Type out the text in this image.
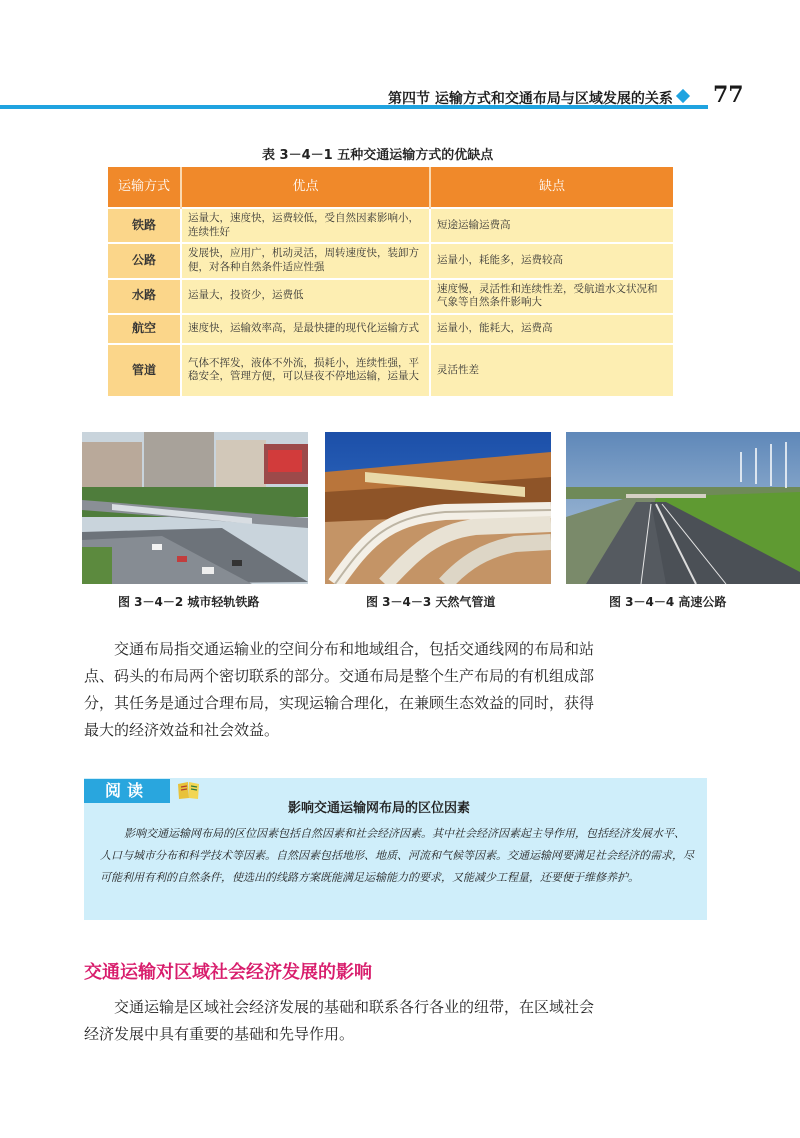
第四节 运输方式和交通布局与区域发展的关系 77
表 3－4－1 五种交通运输方式的优缺点
运输方式	优点	缺点
铁路	运量大，速度快，运费较低，受自然因素影响小，连续性好	短途运输运费高
公路	发展快，应用广，机动灵活，周转速度快，装卸方便，对各种自然条件适应性强	运量小，耗能多，运费较高
水路	运量大，投资少，运费低	速度慢，灵活性和连续性差，受航道水文状况和气象等自然条件影响大
航空	速度快，运输效率高，是最快捷的现代化运输方式	运量小，能耗大，运费高
管道	气体不挥发，液体不外流，损耗小，连续性强，平稳安全，管理方便，可以昼夜不停地运输，运量大	灵活性差
图 3－4－2 城市轻轨铁路	图 3－4－3 天然气管道	图 3－4－4 高速公路

交通布局指交通运输业的空间分布和地域组合，包括交通线网的布局和站点、码头的布局两个密切联系的部分。交通布局是整个生产布局的有机组成部分，其任务是通过合理布局，实现运输合理化，在兼顾生态效益的同时，获得最大的经济效益和社会效益。

阅读
影响交通运输网布局的区位因素

影响交通运输网布局的区位因素包括自然因素和社会经济因素。其中社会经济因素起主导作用，包括经济发展水平、人口与城市分布和科学技术等因素。自然因素包括地形、地质、河流和气候等因素。交通运输网要满足社会经济的需求，尽可能利用有利的自然条件，使选出的线路方案既能满足运输能力的要求，又能减少工程量，还要便于维修养护。

交通运输对区域社会经济发展的影响

交通运输是区域社会经济发展的基础和联系各行各业的纽带，在区域社会经济发展中具有重要的基础和先导作用。
